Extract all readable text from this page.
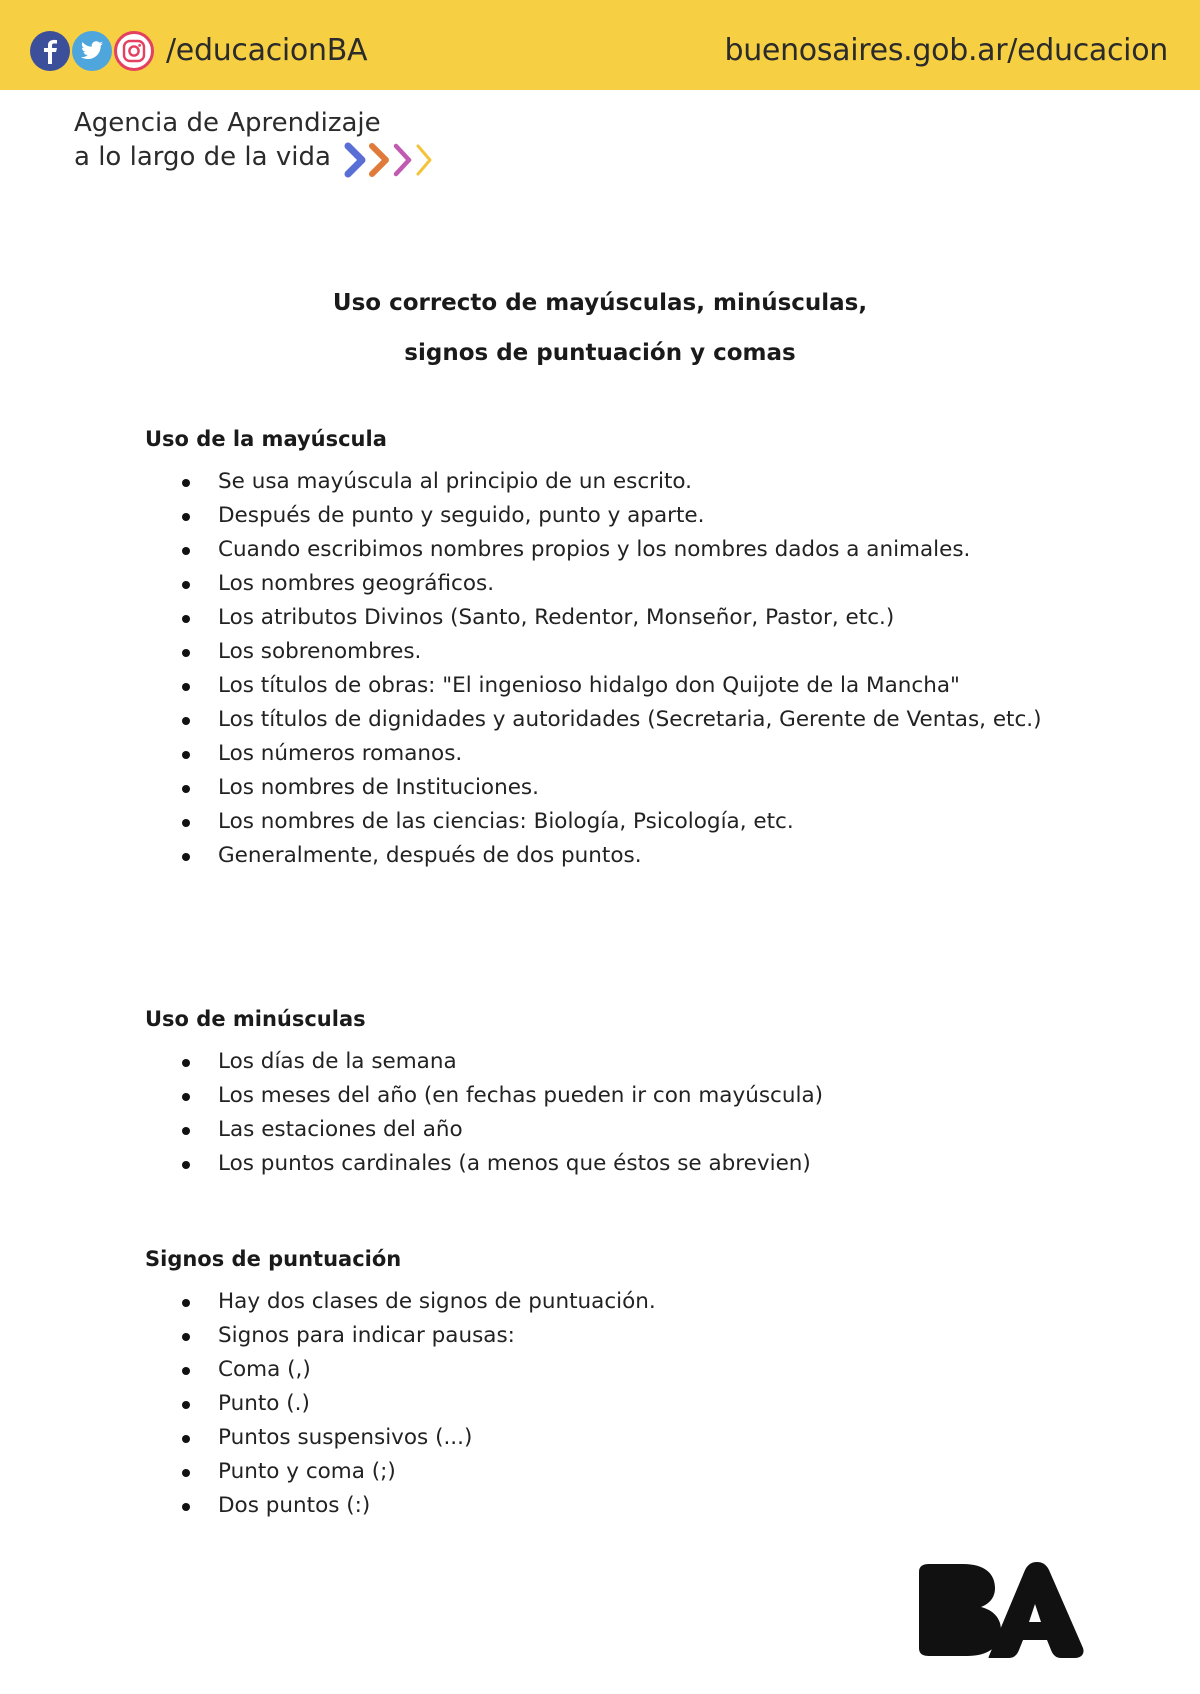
/educacionBA	buenosaires.gob.ar/educacion
Agencia de Aprendizaje
a lo largo de la vida
Uso correcto de mayúsculas, minúsculas,
signos de puntuación y comas
Uso de la mayúscula
Se usa mayúscula al principio de un escrito.
Después de punto y seguido, punto y aparte.
Cuando escribimos nombres propios y los nombres dados a animales.
Los nombres geográficos.
Los atributos Divinos (Santo, Redentor, Monseñor, Pastor, etc.)
Los sobrenombres.
Los títulos de obras: "El ingenioso hidalgo don Quijote de la Mancha"
Los títulos de dignidades y autoridades (Secretaria, Gerente de Ventas, etc.)
Los números romanos.
Los nombres de Instituciones.
Los nombres de las ciencias: Biología, Psicología, etc.
Generalmente, después de dos puntos.
Uso de minúsculas
Los días de la semana
Los meses del año (en fechas pueden ir con mayúscula)
Las estaciones del año
Los puntos cardinales (a menos que éstos se abrevien)
Signos de puntuación
Hay dos clases de signos de puntuación.
Signos para indicar pausas:
Coma (,)
Punto (.)
Puntos suspensivos (...)
Punto y coma (;)
Dos puntos (:)
